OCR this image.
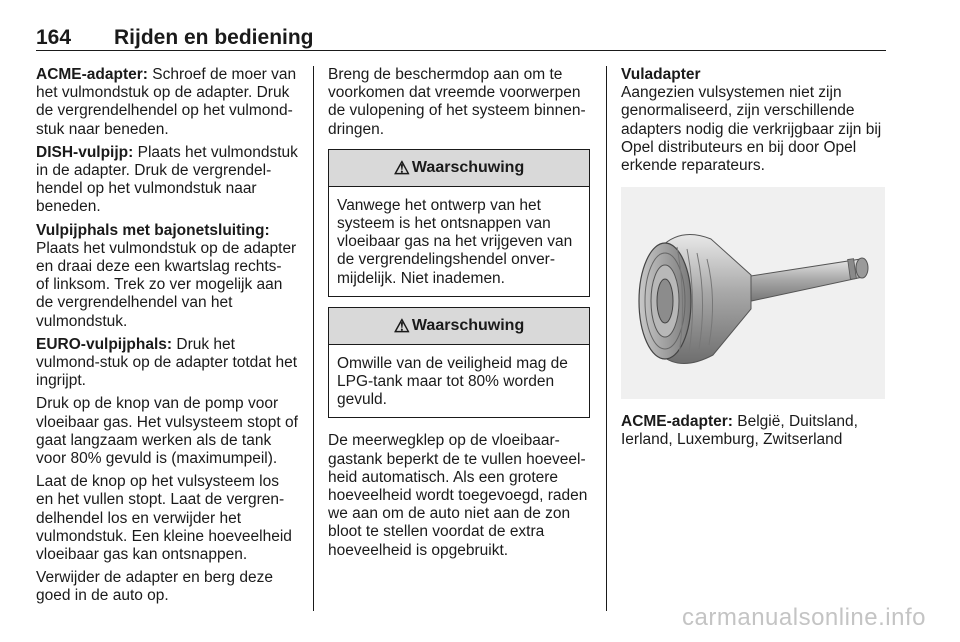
164 Rijden en bediening

ACME-adapter: Schroef de moer van het vulmondstuk op de adapter. Druk de vergrendelhendel op het vulmond-stuk naar beneden.

DISH-vulpijp: Plaats het vulmondstuk in de adapter. Druk de vergrendel-hendel op het vulmondstuk naar beneden.

Vulpijphals met bajonetsluiting:
Plaats het vulmondstuk op de adapter en draai deze een kwartslag rechts- of linksom. Trek zo ver mogelijk aan de vergrendelhendel van het vulmondstuk.

EURO-vulpijphals: Druk het vulmond-stuk op de adapter totdat het ingrijpt.

Druk op de knop van de pomp voor vloeibaar gas. Het vulsysteem stopt of gaat langzaam werken als de tank voor 80% gevuld is (maximumpeil).

Laat de knop op het vulsysteem los en het vullen stopt. Laat de vergren-delhendel los en verwijder het vulmondstuk. Een kleine hoeveelheid vloeibaar gas kan ontsnappen.

Verwijder de adapter en berg deze goed in de auto op.

Breng de beschermdop aan om te voorkomen dat vreemde voorwerpen de vulopening of het systeem binnen-dringen.

⚠ Waarschuwing
Vanwege het ontwerp van het systeem is het ontsnappen van vloeibaar gas na het vrijgeven van de vergrendelingshendel onver-mijdelijk. Niet inademen.
⚠ Waarschuwing
Omwille van de veiligheid mag de LPG-tank maar tot 80% worden gevuld.

De meerwegklep op de vloeibaar-gastank beperkt de te vullen hoeveel-heid automatisch. Als een grotere hoeveelheid wordt toegevoegd, raden we aan om de auto niet aan de zon bloot te stellen voordat de extra hoeveelheid is opgebruikt.

Vuladapter

Aangezien vulsystemen niet zijn genormaliseerd, zijn verschillende adapters nodig die verkrijgbaar zijn bij Opel distributeurs en bij door Opel erkende reparateurs.

ACME-adapter: België, Duitsland, Ierland, Luxemburg, Zwitserland

carmanualsonline.info
